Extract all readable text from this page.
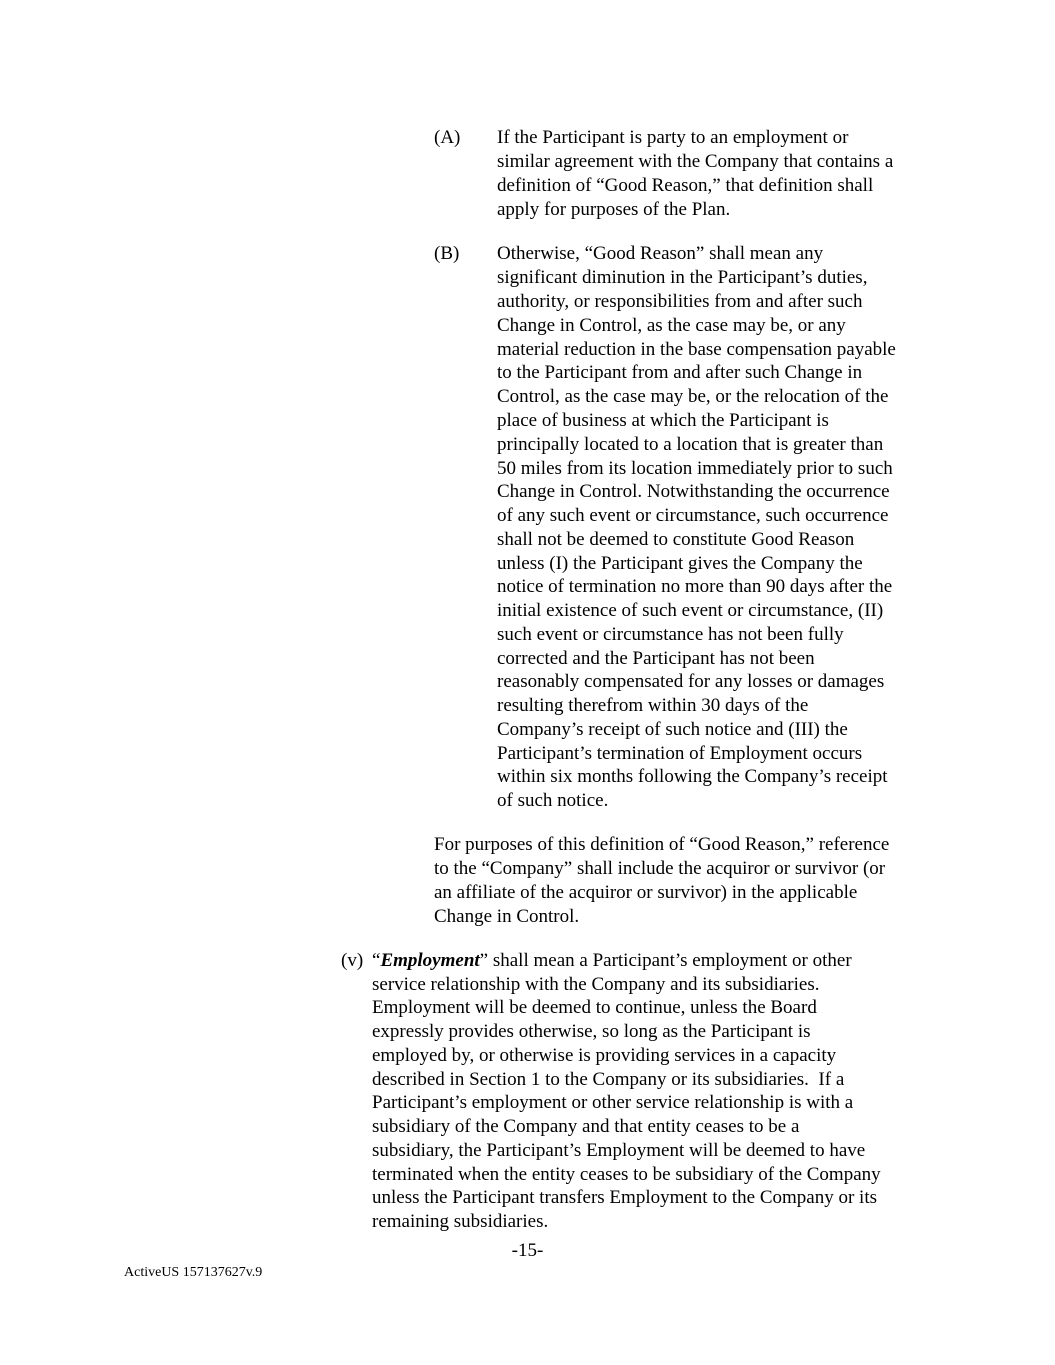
(A) If the Participant is party to an employment or
similar agreement with the Company that contains a
definition of “Good Reason,” that definition shall
apply for purposes of the Plan.
(B) Otherwise, “Good Reason” shall mean any
significant diminution in the Participant’s duties,
authority, or responsibilities from and after such
Change in Control, as the case may be, or any
material reduction in the base compensation payable
to the Participant from and after such Change in
Control, as the case may be, or the relocation of the
place of business at which the Participant is
principally located to a location that is greater than
50 miles from its location immediately prior to such
Change in Control. Notwithstanding the occurrence
of any such event or circumstance, such occurrence
shall not be deemed to constitute Good Reason
unless (I) the Participant gives the Company the
notice of termination no more than 90 days after the
initial existence of such event or circumstance, (II)
such event or circumstance has not been fully
corrected and the Participant has not been
reasonably compensated for any losses or damages
resulting therefrom within 30 days of the
Company’s receipt of such notice and (III) the
Participant’s termination of Employment occurs
within six months following the Company’s receipt
of such notice.
For purposes of this definition of “Good Reason,” reference
to the “Company” shall include the acquiror or survivor (or
an affiliate of the acquiror or survivor) in the applicable
Change in Control.
(v) “Employment” shall mean a Participant’s employment or other
service relationship with the Company and its subsidiaries.
Employment will be deemed to continue, unless the Board
expressly provides otherwise, so long as the Participant is
employed by, or otherwise is providing services in a capacity
described in Section 1 to the Company or its subsidiaries.  If a
Participant’s employment or other service relationship is with a
subsidiary of the Company and that entity ceases to be a
subsidiary, the Participant’s Employment will be deemed to have
terminated when the entity ceases to be subsidiary of the Company
unless the Participant transfers Employment to the Company or its
remaining subsidiaries.
-15-
ActiveUS 157137627v.9
